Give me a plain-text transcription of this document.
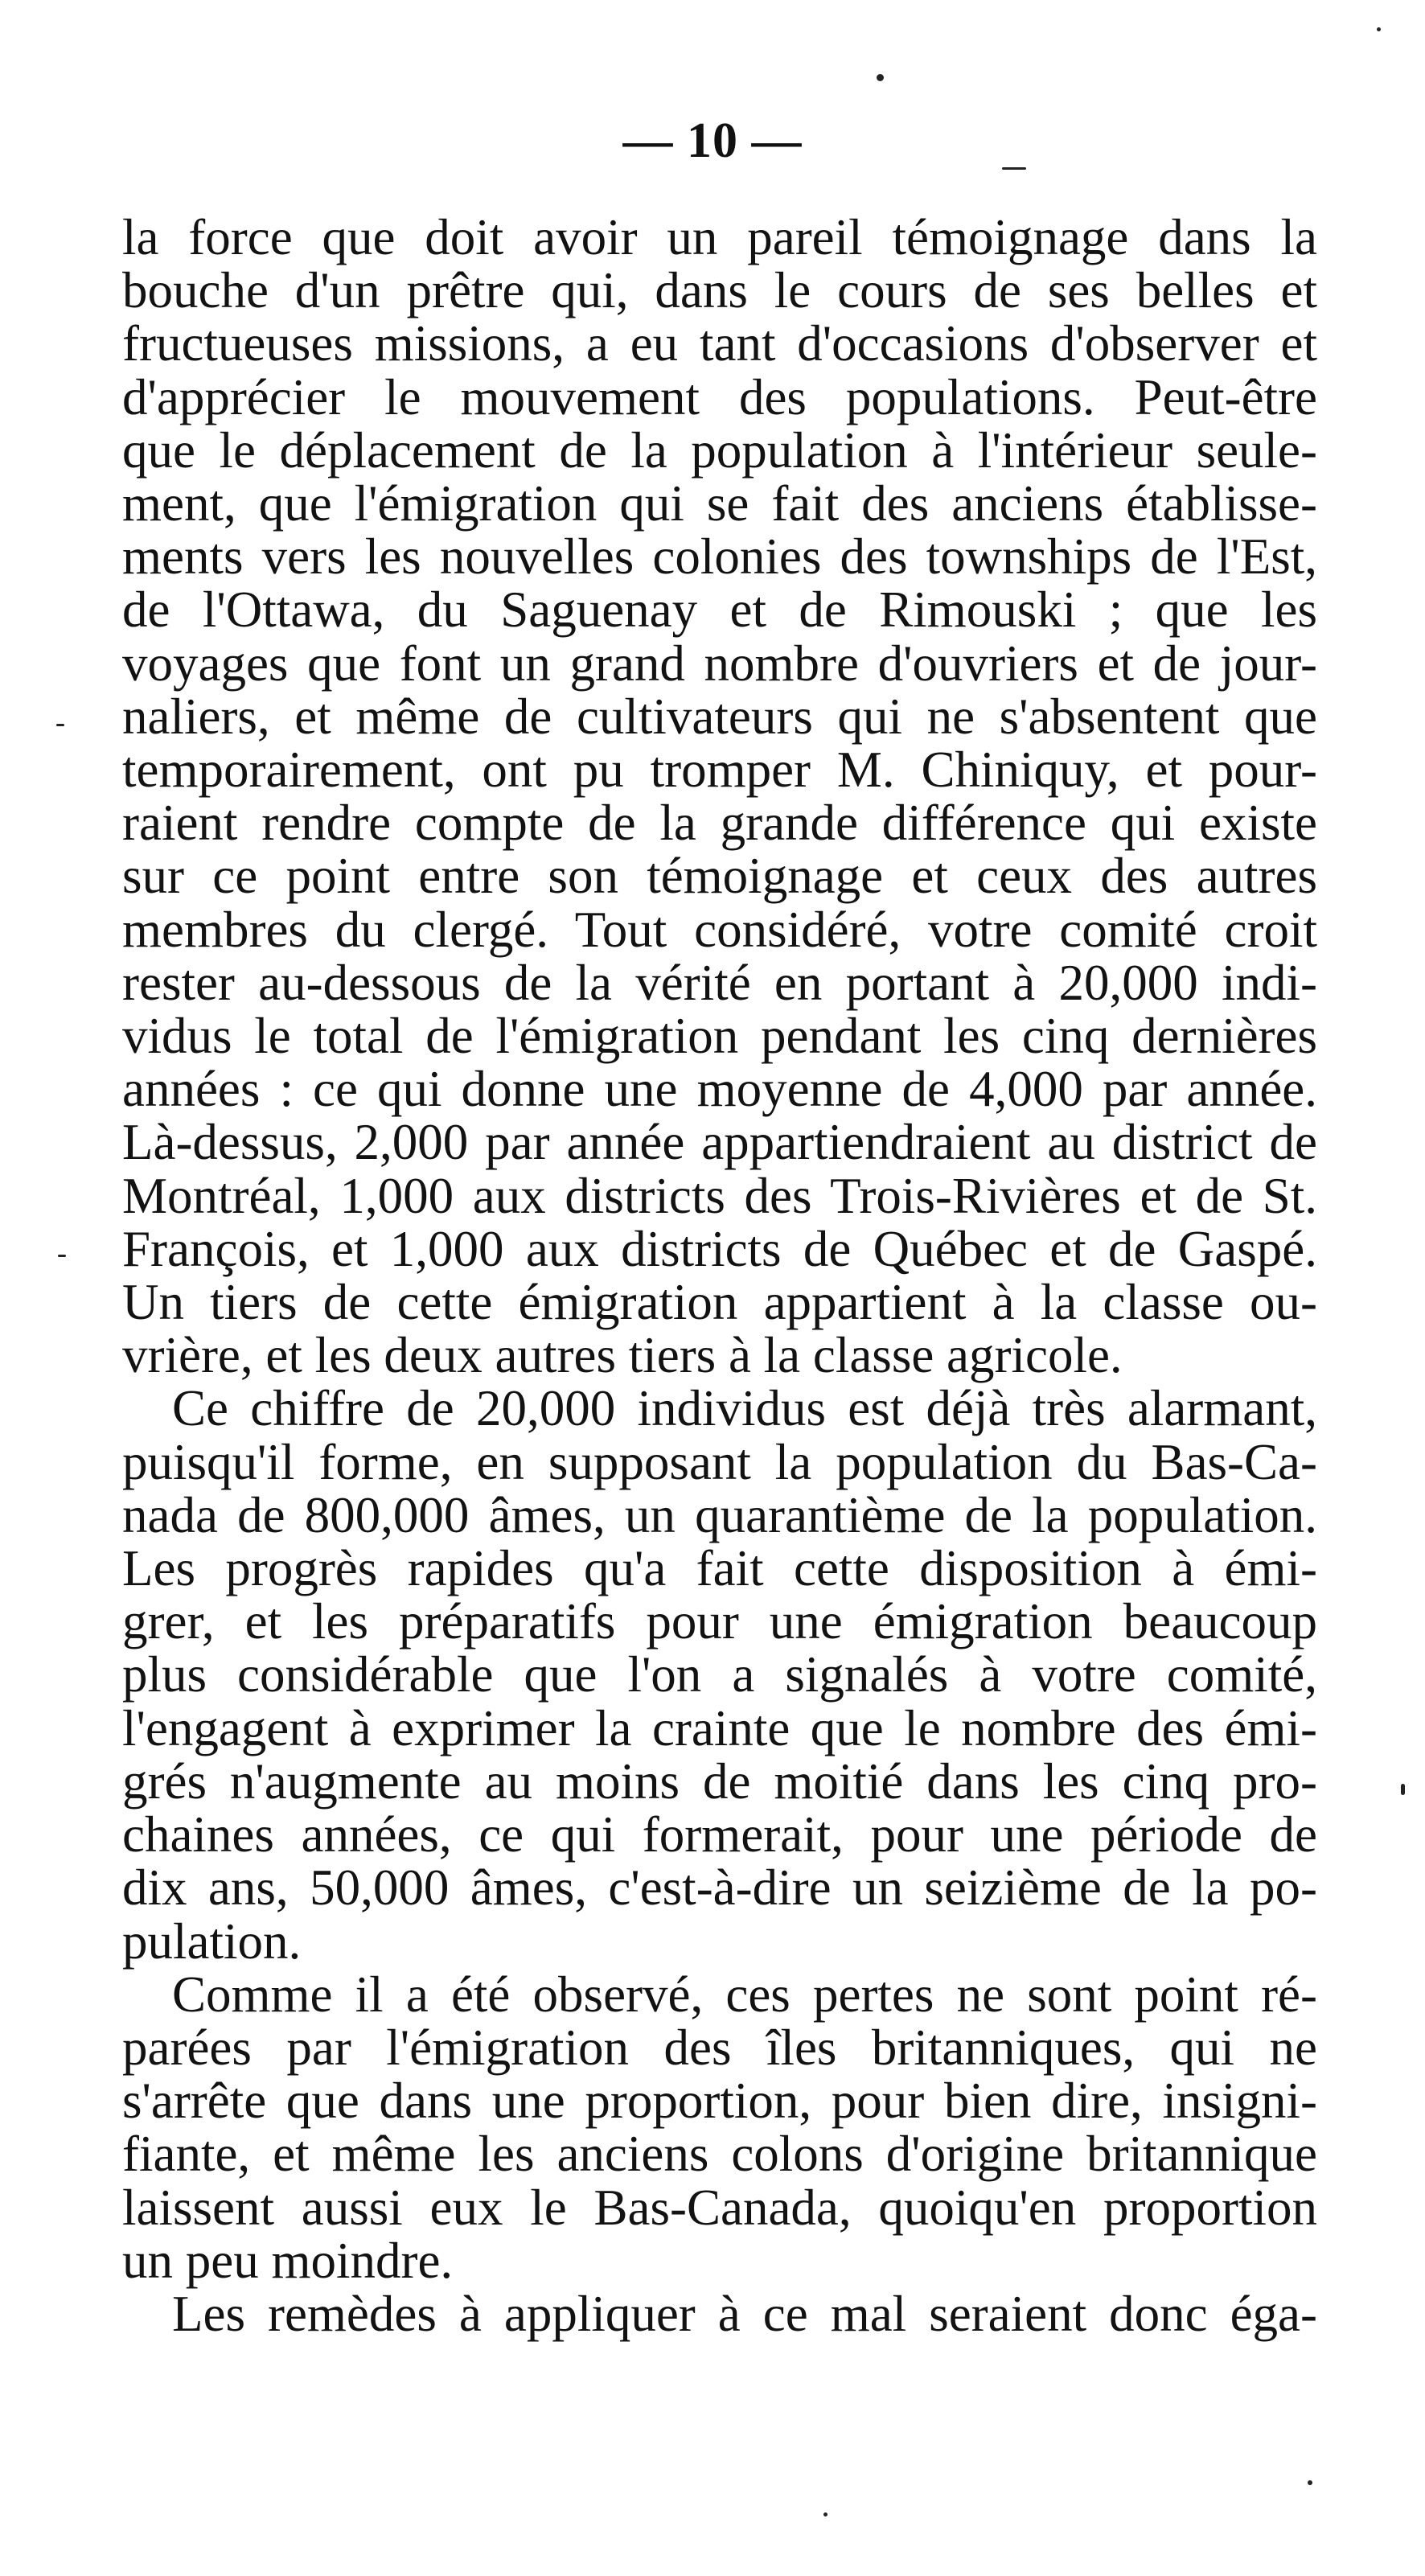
— 10 —
la force que doit avoir un pareil témoignage dans la
bouche d'un prêtre qui, dans le cours de ses belles et
fructueuses missions, a eu tant d'occasions d'observer et
d'apprécier le mouvement des populations. Peut-être
que le déplacement de la population à l'intérieur seule-
ment, que l'émigration qui se fait des anciens établisse-
ments vers les nouvelles colonies des townships de l'Est,
de l'Ottawa, du Saguenay et de Rimouski ; que les
voyages que font un grand nombre d'ouvriers et de jour-
naliers, et même de cultivateurs qui ne s'absentent que
temporairement, ont pu tromper M. Chiniquy, et pour-
raient rendre compte de la grande différence qui existe
sur ce point entre son témoignage et ceux des autres
membres du clergé. Tout considéré, votre comité croit
rester au-dessous de la vérité en portant à 20,000 indi-
vidus le total de l'émigration pendant les cinq dernières
années : ce qui donne une moyenne de 4,000 par année.
Là-dessus, 2,000 par année appartiendraient au district de
Montréal, 1,000 aux districts des Trois-Rivières et de St.
François, et 1,000 aux districts de Québec et de Gaspé.
Un tiers de cette émigration appartient à la classe ou-
vrière, et les deux autres tiers à la classe agricole.
Ce chiffre de 20,000 individus est déjà très alarmant,
puisqu'il forme, en supposant la population du Bas-Ca-
nada de 800,000 âmes, un quarantième de la population.
Les progrès rapides qu'a fait cette disposition à émi-
grer, et les préparatifs pour une émigration beaucoup
plus considérable que l'on a signalés à votre comité,
l'engagent à exprimer la crainte que le nombre des émi-
grés n'augmente au moins de moitié dans les cinq pro-
chaines années, ce qui formerait, pour une période de
dix ans, 50,000 âmes, c'est-à-dire un seizième de la po-
pulation.
Comme il a été observé, ces pertes ne sont point ré-
parées par l'émigration des îles britanniques, qui ne
s'arrête que dans une proportion, pour bien dire, insigni-
fiante, et même les anciens colons d'origine britannique
laissent aussi eux le Bas-Canada, quoiqu'en proportion
un peu moindre.
Les remèdes à appliquer à ce mal seraient donc éga-
